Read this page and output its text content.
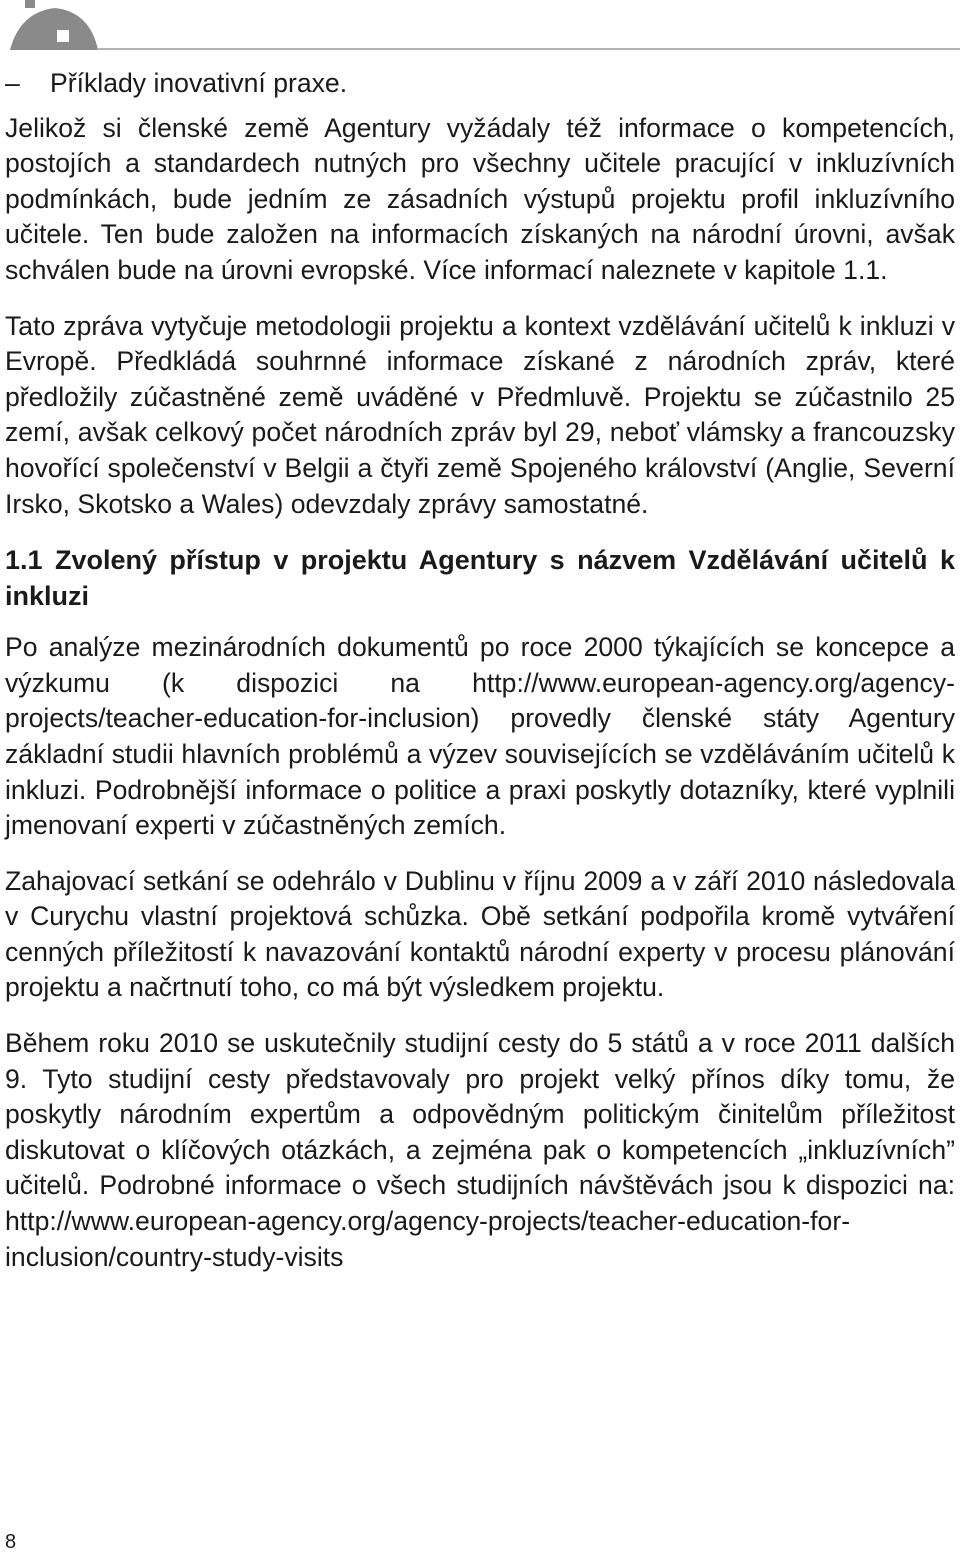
–	Příklady inovativní praxe.

Jelikož si členské země Agentury vyžádaly též informace o kompetencích, postojích a standardech nutných pro všechny učitele pracující v inkluzívních podmínkách, bude jedním ze zásadních výstupů projektu profil inkluzívního učitele. Ten bude založen na informacích získaných na národní úrovni, avšak schválen bude na úrovni evropské. Více informací naleznete v kapitole 1.1.

Tato zpráva vytyčuje metodologii projektu a kontext vzdělávání učitelů k inkluzi v Evropě. Předkládá souhrnné informace získané z národních zpráv, které předložily zúčastněné země uváděné v Předmluvě. Projektu se zúčastnilo 25 zemí, avšak celkový počet národních zpráv byl 29, neboť vlámsky a francouzsky hovořící společenství v Belgii a čtyři země Spojeného království (Anglie, Severní Irsko, Skotsko a Wales) odevzdaly zprávy samostatné.

1.1 Zvolený přístup v projektu Agentury s názvem Vzdělávání učitelů k inkluzi

Po analýze mezinárodních dokumentů po roce 2000 týkajících se koncepce a výzkumu (k dispozici na http://www.european-agency.org/agency-projects/teacher-education-for-inclusion) provedly členské státy Agentury základní studii hlavních problémů a výzev souvisejících se vzděláváním učitelů k inkluzi. Podrobnější informace o politice a praxi poskytly dotazníky, které vyplnili jmenovaní experti v zúčastněných zemích.

Zahajovací setkání se odehrálo v Dublinu v říjnu 2009 a v září 2010 následovala v Curychu vlastní projektová schůzka. Obě setkání podpořila kromě vytváření cenných příležitostí k navazování kontaktů národní experty v procesu plánování projektu a načrtnutí toho, co má být výsledkem projektu.

Během roku 2010 se uskutečnily studijní cesty do 5 států a v roce 2011 dalších 9. Tyto studijní cesty představovaly pro projekt velký přínos díky tomu, že poskytly národním expertům a odpovědným politickým činitelům příležitost diskutovat o klíčových otázkách, a zejména pak o kompetencích „inkluzívních” učitelů. Podrobné informace o všech studijních návštěvách jsou k dispozici na: http://www.european-agency.org/agency-projects/teacher-education-for-inclusion/country-study-visits

8
